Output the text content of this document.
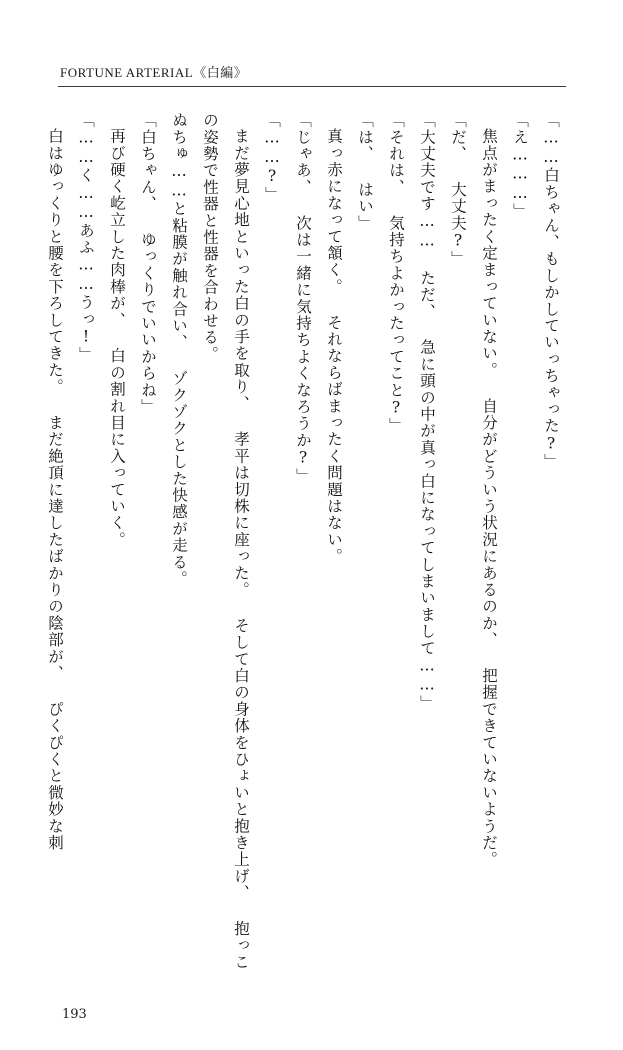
FORTUNE ARTERIAL《白編》

「……白ちゃん、もしかしていっちゃった?」

「え………」

焦点がまったく定まっていない。 自分がどういう状況にあるのか、 把握できていないようだ。

「だ、 大丈夫?」

「大丈夫です…… ただ、 急に頭の中が真っ白になってしまいまして……」

「それは、 気持ちよかったってこと?」

「は、 はい」

真っ赤になって頷く。 それならばまったく問題はない。

「じゃあ、 次は一緒に気持ちよくなろうか?」

「……?」

まだ夢見心地といった白の手を取り、 孝平は切株に座った。 そして白の身体をひょいと抱き上げ、 抱っこの姿勢で性器と性器を合わせる。

ぬちゅ……と粘膜が触れ合い、 ゾクゾクとした快感が走る。

「白ちゃん、 ゆっくりでいいからね」

再び硬く屹立した肉棒が、 白の割れ目に入っていく。

「……く……あふ……うっ!」

白はゆっくりと腰を下ろしてきた。 まだ絶頂に達したばかりの陰部が、 ぴくぴくと微妙な刺

193
